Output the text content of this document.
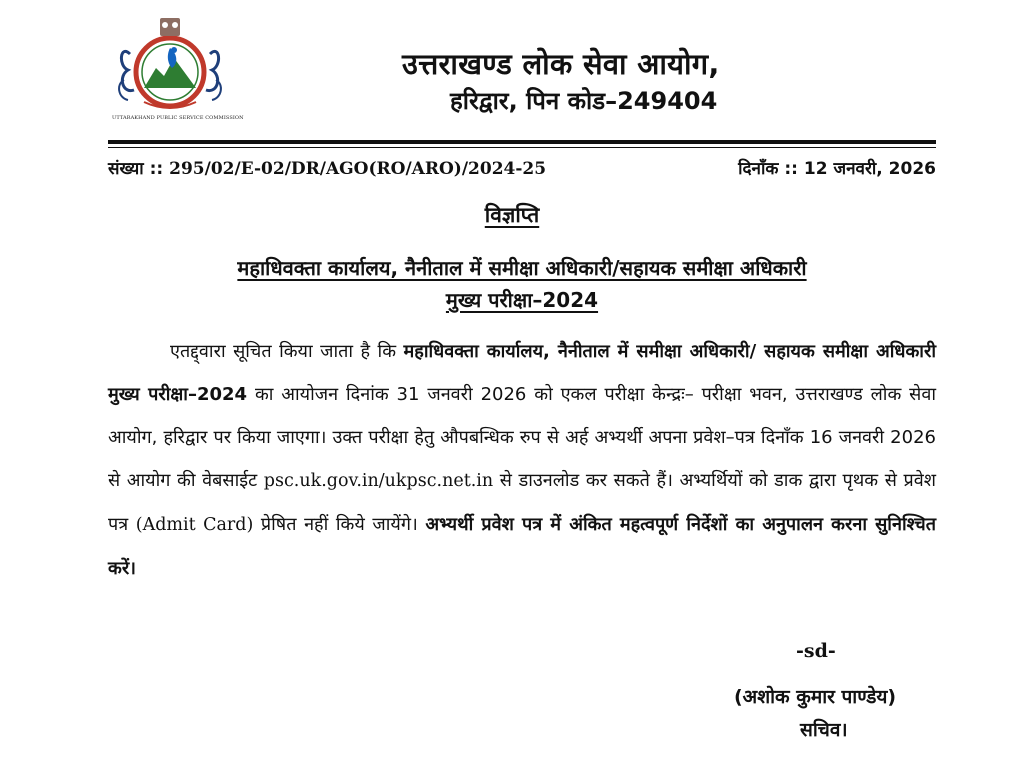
UTTARAKHAND PUBLIC SERVICE COMMISSION
उत्तराखण्ड लोक सेवा आयोग,
हरिद्वार, पिन कोड–249404
संख्या :: 295/02/E-02/DR/AGO(RO/ARO)/2024-25	दिनाँक :: 12 जनवरी, 2026
विज्ञप्ति
महाधिवक्ता कार्यालय, नैनीताल में समीक्षा अधिकारी/सहायक समीक्षा अधिकारी
मुख्य परीक्षा–2024
एतद्द्वारा सूचित किया जाता है कि महाधिवक्ता कार्यालय, नैनीताल में समीक्षा अधिकारी/ सहायक समीक्षा अधिकारी मुख्य परीक्षा–2024 का आयोजन दिनांक 31 जनवरी 2026 को एकल परीक्षा केन्द्रः– परीक्षा भवन, उत्तराखण्ड लोक सेवा आयोग, हरिद्वार पर किया जाएगा। उक्त परीक्षा हेतु औपबन्धिक रुप से अर्ह अभ्यर्थी अपना प्रवेश–पत्र दिनाँक 16 जनवरी 2026 से आयोग की वेबसाईट psc.uk.gov.in/ukpsc.net.in से डाउनलोड कर सकते हैं। अभ्यर्थियों को डाक द्वारा पृथक से प्रवेश पत्र (Admit Card) प्रेषित नहीं किये जायेंगे। अभ्यर्थी प्रवेश पत्र में अंकित महत्वपूर्ण निर्देशों का अनुपालन करना सुनिश्चित करें।
-sd-
(अशोक कुमार पाण्डेय)
सचिव।
